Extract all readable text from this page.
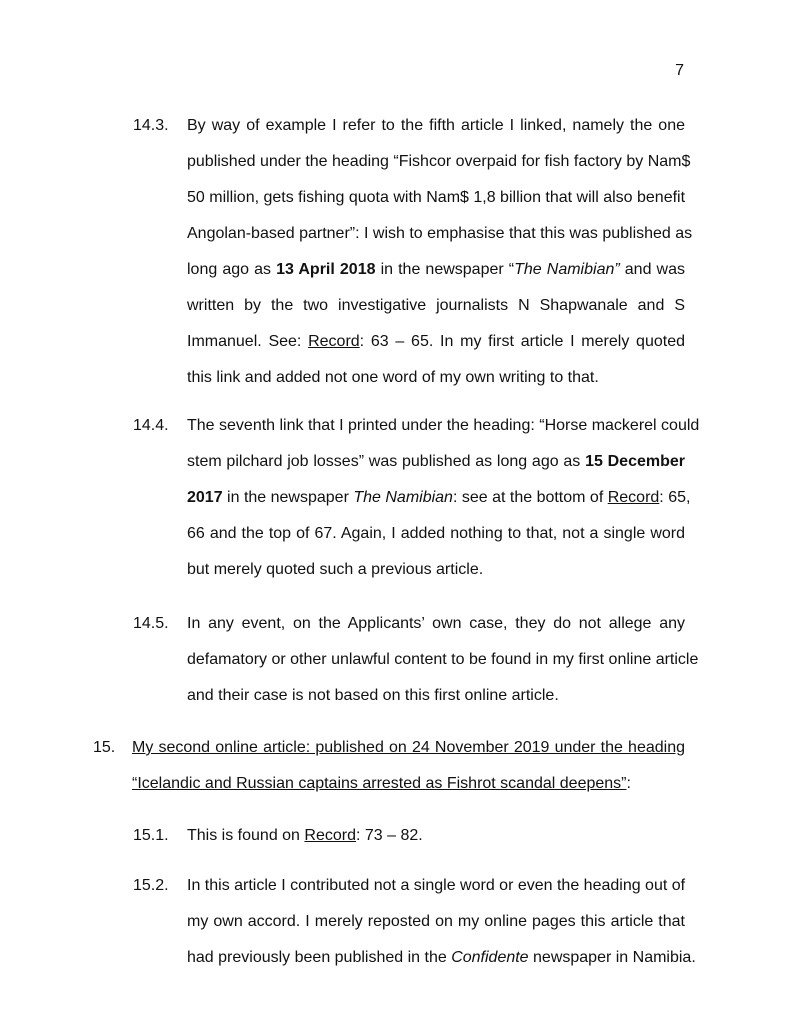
7
14.3. By way of example I refer to the fifth article I linked, namely the one
published under the heading “Fishcor overpaid for fish factory by Nam$
50 million, gets fishing quota with Nam$ 1,8 billion that will also benefit
Angolan-based partner”: I wish to emphasise that this was published as
long ago as 13 April 2018 in the newspaper “The Namibian” and was
written by the two investigative journalists N Shapwanale and S
Immanuel. See: Record: 63 – 65. In my first article I merely quoted
this link and added not one word of my own writing to that.
14.4. The seventh link that I printed under the heading: “Horse mackerel could
stem pilchard job losses” was published as long ago as 15 December
2017 in the newspaper The Namibian: see at the bottom of Record: 65,
66 and the top of 67. Again, I added nothing to that, not a single word
but merely quoted such a previous article.
14.5. In any event, on the Applicants’ own case, they do not allege any
defamatory or other unlawful content to be found in my first online article
and their case is not based on this first online article.
15. My second online article: published on 24 November 2019 under the heading
“Icelandic and Russian captains arrested as Fishrot scandal deepens”:
15.1. This is found on Record: 73 – 82.
15.2. In this article I contributed not a single word or even the heading out of
my own accord. I merely reposted on my online pages this article that
had previously been published in the Confidente newspaper in Namibia.
